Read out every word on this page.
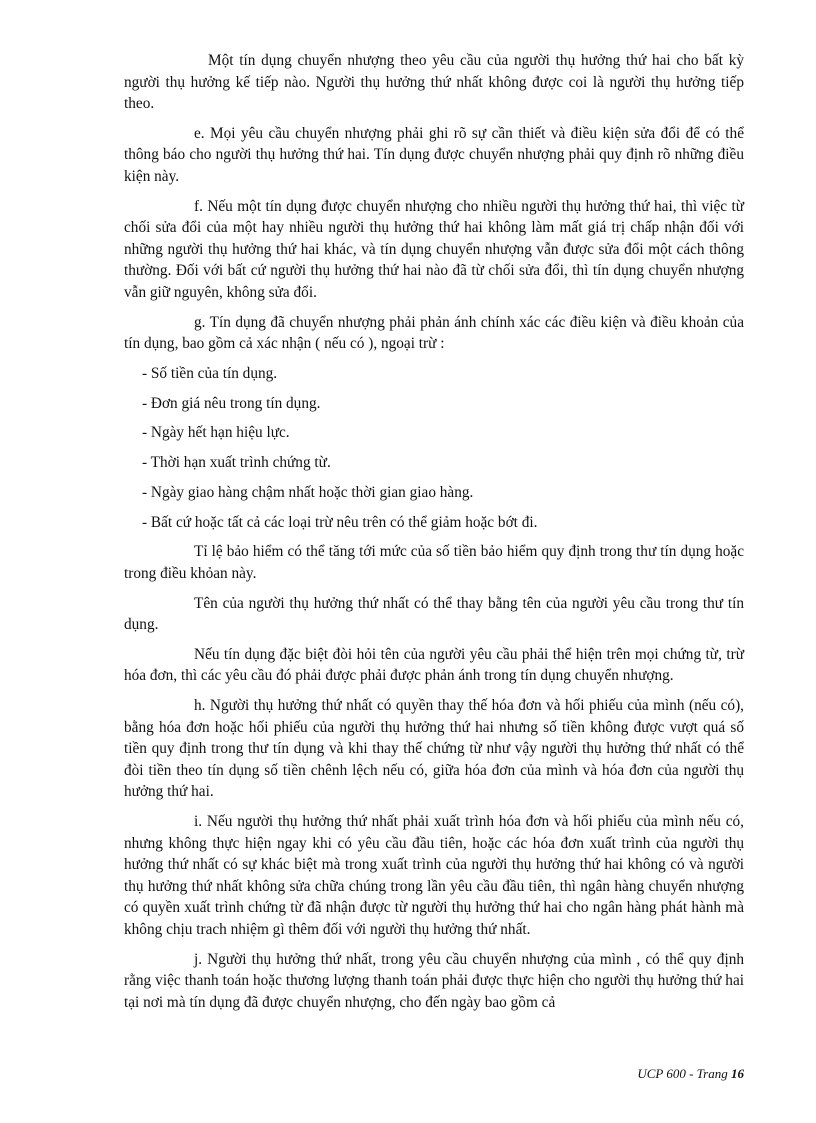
Một tín dụng chuyển nhượng theo yêu cầu của người thụ hưởng thứ hai cho bất kỳ người thụ hưởng kế tiếp nào. Người thụ hưởng thứ nhất không được coi là người thụ hưởng tiếp theo.

e. Mọi yêu cầu chuyển nhượng phải ghi rõ sự cần thiết và điều kiện sửa đổi để có thể thông báo cho người thụ hưởng thứ hai. Tín dụng được chuyển nhượng phải quy định rõ những điều kiện này.

f. Nếu một tín dụng được chuyển nhượng cho nhiều người thụ hưởng thứ hai, thì việc từ chối sửa đổi của một hay nhiều người thụ hưởng thứ hai không làm mất giá trị chấp nhận đối với những người thụ hưởng thứ hai khác, và tín dụng chuyển nhượng vẫn được sửa đổi một cách thông thường. Đối với bất cứ người thụ hưởng thứ hai nào đã từ chối sửa đổi, thì tín dụng chuyển nhượng vẫn giữ nguyên, không sửa đổi.

g. Tín dụng đã chuyển nhượng phải phản ánh chính xác các điều kiện và điều khoản của tín dụng, bao gồm cả xác nhận ( nếu có ), ngoại trừ :

- Số tiền của tín dụng.
- Đơn giá nêu trong tín dụng.
- Ngày hết hạn hiệu lực.
- Thời hạn xuất trình chứng từ.
- Ngày giao hàng chậm nhất hoặc thời gian giao hàng.
- Bất cứ hoặc tất cả các loại trừ nêu trên có thể giảm hoặc bớt đi.

Tỉ lệ bảo hiểm có thể tăng tới mức của số tiền bảo hiểm quy định trong thư tín dụng hoặc trong điều khỏan này.

Tên của người thụ hưởng thứ nhất có thể thay bằng tên của người yêu cầu trong thư tín dụng.

Nếu tín dụng đặc biệt đòi hỏi tên của người yêu cầu phải thể hiện trên mọi chứng từ, trừ hóa đơn, thì các yêu cầu đó phải được phải được phản ánh trong tín dụng chuyển nhượng.

h. Người thụ hưởng thứ nhất có quyền thay thế hóa đơn và hối phiếu của mình (nếu có), bằng hóa đơn hoặc hối phiếu của người thụ hưởng thứ hai nhưng số tiền không được vượt quá số tiền quy định trong thư tín dụng và khi thay thế chứng từ như vậy người thụ hưởng thứ nhất có thể đòi tiền theo tín dụng số tiền chênh lệch nếu có, giữa hóa đơn của mình và hóa đơn của người thụ hưởng thứ hai.

i. Nếu người thụ hưởng thứ nhất phải xuất trình hóa đơn và hối phiếu của mình nếu có, nhưng không thực hiện ngay khi có yêu cầu đầu tiên, hoặc các hóa đơn xuất trình của người thụ hưởng thứ nhất có sự khác biệt mà trong xuất trình của người thụ hưởng thứ hai không có và người thụ hưởng thứ nhất không sửa chữa chúng trong lần yêu cầu đầu tiên, thì ngân hàng chuyển nhượng có quyền xuất trình chứng từ đã nhận được từ người thụ hưởng thứ hai cho ngân hàng phát hành mà không chịu trach nhiệm gì thêm đối với người thụ hưởng thứ nhất.

j. Người thụ hưởng thứ nhất, trong yêu cầu chuyển nhượng của mình , có thể quy định rằng việc thanh toán hoặc thương lượng thanh toán phải được thực hiện cho người thụ hưởng thứ hai tại nơi mà tín dụng đã được chuyển nhượng, cho đến ngày bao gồm cả

UCP 600 - Trang 16
